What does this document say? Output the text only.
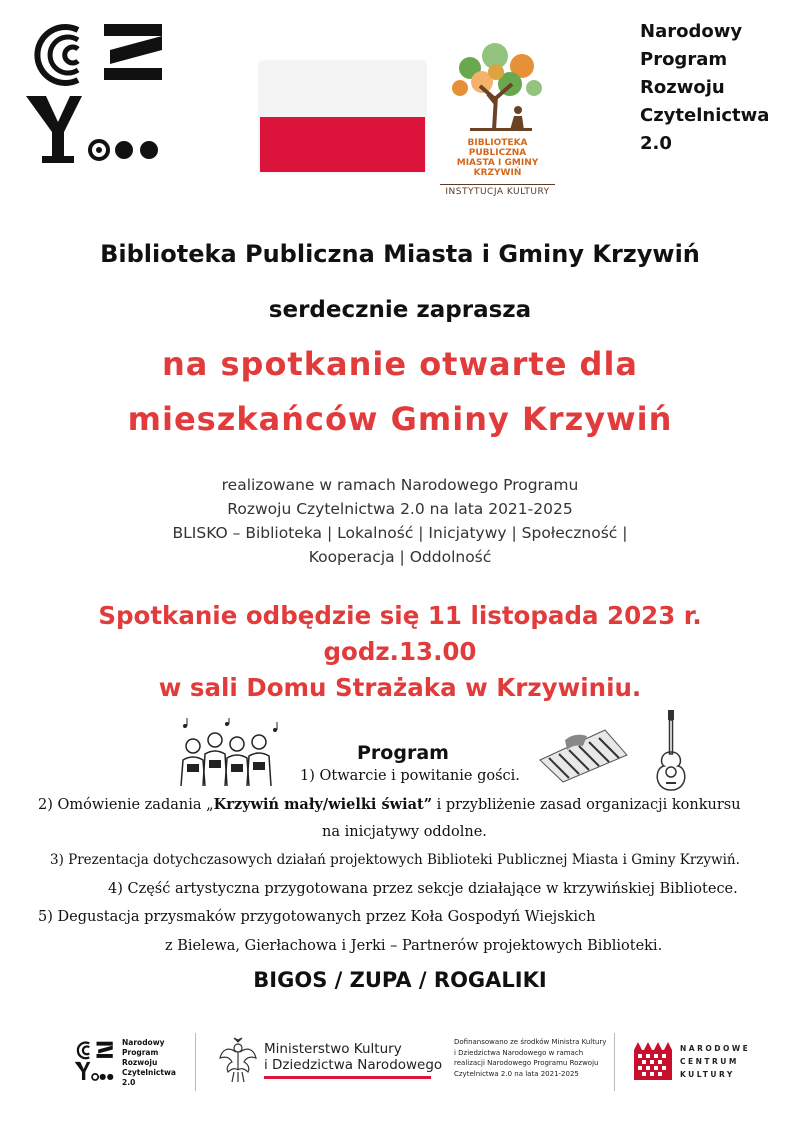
BIBLIOTEKA PUBLICZNA
MIASTA I GMINY KRZYWIŃ
INSTYTUCJA KULTURY
Narodowy
Program
Rozwoju
Czytelnictwa
2.0
Biblioteka Publiczna Miasta i Gminy Krzywiń
serdecznie zaprasza
na spotkanie otwarte dla
mieszkańców Gminy Krzywiń
realizowane w ramach Narodowego Programu
Rozwoju Czytelnictwa 2.0 na lata 2021-2025
BLISKO – Biblioteka | Lokalność | Inicjatywy | Społeczność |
Kooperacja | Oddolność
Spotkanie odbędzie się 11 listopada 2023 r.
godz.13.00
w sali Domu Strażaka w Krzywiniu.
Program
1) Otwarcie i powitanie gości.
2) Omówienie zadania „Krzywiń mały/wielki świat” i przybliżenie zasad organizacji konkursu
na inicjatywy oddolne.
3) Prezentacja dotychczasowych działań projektowych Biblioteki Publicznej Miasta i Gminy Krzywiń.
4) Część artystyczna przygotowana przez sekcje działające w krzywińskiej Bibliotece.
5) Degustacja przysmaków przygotowanych przez Koła Gospodyń Wiejskich
z Bielewa, Gierłachowa i Jerki – Partnerów projektowych Biblioteki.
BIGOS / ZUPA / ROGALIKI
Narodowy
Program
Rozwoju
Czytelnictwa
2.0
Ministerstwo Kultury
i Dziedzictwa Narodowego
Dofinansowano ze środków Ministra Kultury
i Dziedzictwa Narodowego w ramach
realizacji Narodowego Programu Rozwoju
Czytelnictwa 2.0 na lata 2021-2025
NARODOWE
CENTRUM
KULTURY
